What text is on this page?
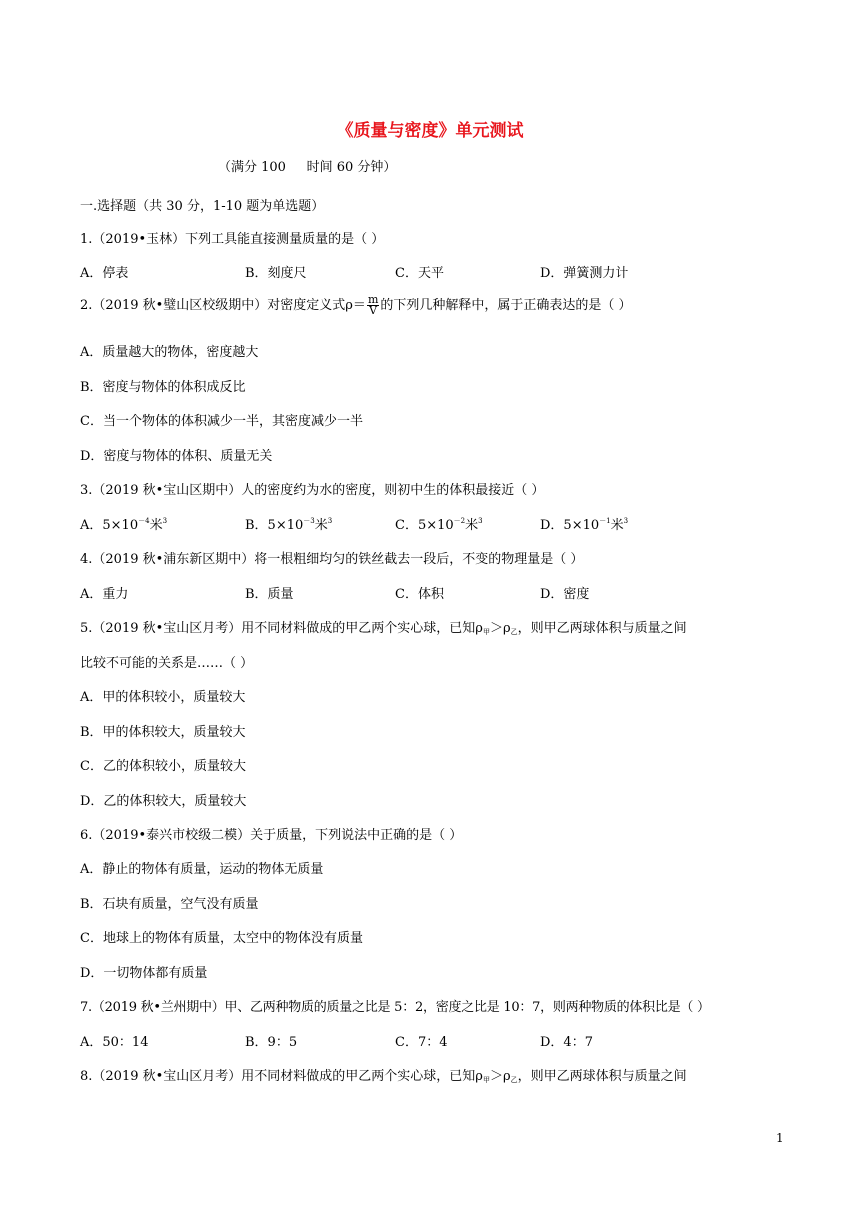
《质量与密度》单元测试
（满分 100     时间 60 分钟）
一.选择题（共 30 分，1-10 题为单选题）
1.（2019•玉林）下列工具能直接测量质量的是（ ）
A．停表	B．刻度尺	C．天平	D．弹簧测力计
2.（2019 秋•璧山区校级期中）对密度定义式$\rho= \frac{m}{V}$ 的下列几种解释中，属于正确表达的是（ ）
A．质量越大的物体，密度越大
B．密度与物体的体积成反比
C．当一个物体的体积减少一半，其密度减少一半
D．密度与物体的体积、质量无关
3.（2019 秋•宝山区期中）人的密度约为水的密度，则初中生的体积最接近（ ）
A．$5\times 10^{-4}$米$^3$	B．$5\times 10^{-3}$米$^3$	C．$5\times 10^{-2}$米$^3$	D．$5\times 10^{-1}$米$^3$
4.（2019 秋•浦东新区期中）将一根粗细均匀的铁丝截去一段后，不变的物理量是（ ）
A．重力	B．质量	C．体积	D．密度
5.（2019 秋•宝山区月考）用不同材料做成的甲乙两个实心球，已知$\rho_甲>\rho_乙$，则甲乙两球体积与质量之间
比较不可能的关系是……（ ）
A．甲的体积较小，质量较大
B．甲的体积较大，质量较大
C．乙的体积较小，质量较大
D．乙的体积较大，质量较大
6.（2019•泰兴市校级二模）关于质量，下列说法中正确的是（ ）
A．静止的物体有质量，运动的物体无质量
B．石块有质量，空气没有质量
C．地球上的物体有质量，太空中的物体没有质量
D．一切物体都有质量
7.（2019 秋•兰州期中）甲、乙两种物质的质量之比是 5：2，密度之比是 10：7，则两种物质的体积比是（ ）
A．50：14	B．9：5	C．7：4	D．4：7
8.（2019 秋•宝山区月考）用不同材料做成的甲乙两个实心球，已知$\rho_甲>\rho_乙$，则甲乙两球体积与质量之间
1
